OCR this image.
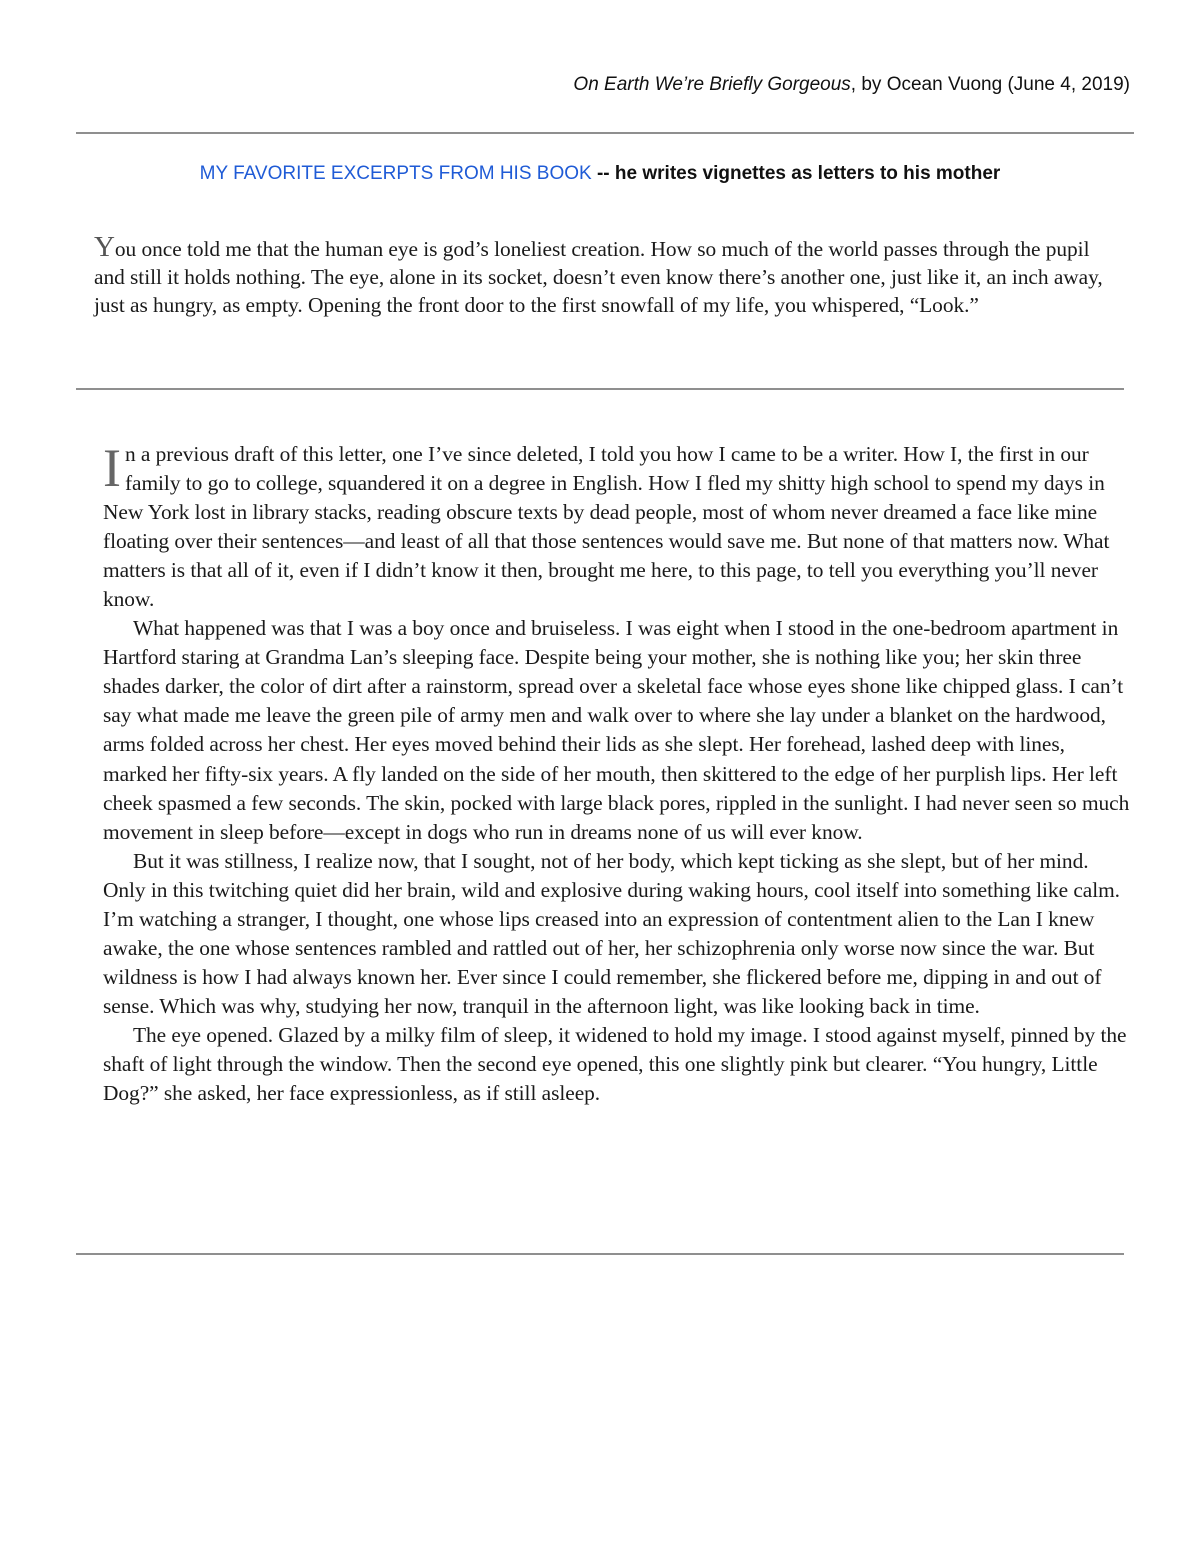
On Earth We’re Briefly Gorgeous, by Ocean Vuong (June 4, 2019)
MY FAVORITE EXCERPTS FROM HIS BOOK -- he writes vignettes as letters to his mother

You once told me that the human eye is god’s loneliest creation. How so much of the world passes through the pupil and still it holds nothing. The eye, alone in its socket, doesn’t even know there’s another one, just like it, an inch away, just as hungry, as empty. Opening the front door to the first snowfall of my life, you whispered, “Look.”

In a previous draft of this letter, one I’ve since deleted, I told you how I came to be a writer. How I, the first in our family to go to college, squandered it on a degree in English. How I fled my shitty high school to spend my days in New York lost in library stacks, reading obscure texts by dead people, most of whom never dreamed a face like mine floating over their sentences—and least of all that those sentences would save me. But none of that matters now. What matters is that all of it, even if I didn’t know it then, brought me here, to this page, to tell you everything you’ll never know.

What happened was that I was a boy once and bruiseless. I was eight when I stood in the one-bedroom apartment in Hartford staring at Grandma Lan’s sleeping face. Despite being your mother, she is nothing like you; her skin three shades darker, the color of dirt after a rainstorm, spread over a skeletal face whose eyes shone like chipped glass. I can’t say what made me leave the green pile of army men and walk over to where she lay under a blanket on the hardwood, arms folded across her chest. Her eyes moved behind their lids as she slept. Her forehead, lashed deep with lines, marked her fifty-six years. A fly landed on the side of her mouth, then skittered to the edge of her purplish lips. Her left cheek spasmed a few seconds. The skin, pocked with large black pores, rippled in the sunlight. I had never seen so much movement in sleep before—except in dogs who run in dreams none of us will ever know.

But it was stillness, I realize now, that I sought, not of her body, which kept ticking as she slept, but of her mind. Only in this twitching quiet did her brain, wild and explosive during waking hours, cool itself into something like calm. I’m watching a stranger, I thought, one whose lips creased into an expression of contentment alien to the Lan I knew awake, the one whose sentences rambled and rattled out of her, her schizophrenia only worse now since the war. But wildness is how I had always known her. Ever since I could remember, she flickered before me, dipping in and out of sense. Which was why, studying her now, tranquil in the afternoon light, was like looking back in time.

The eye opened. Glazed by a milky film of sleep, it widened to hold my image. I stood against myself, pinned by the shaft of light through the window. Then the second eye opened, this one slightly pink but clearer. “You hungry, Little Dog?” she asked, her face expressionless, as if still asleep.
